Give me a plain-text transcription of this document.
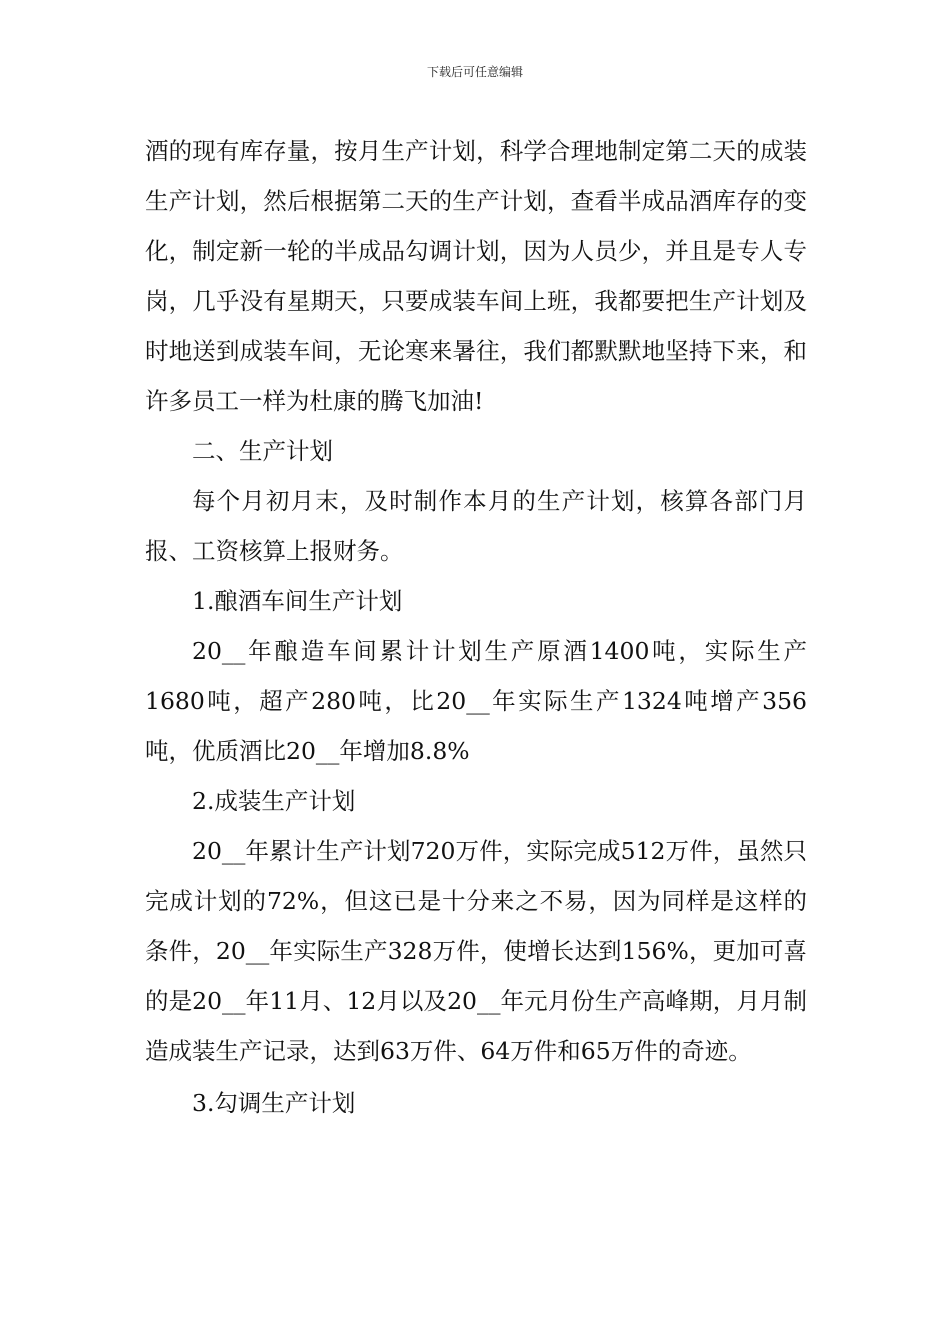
下载后可任意编辑

酒的现有库存量，按月生产计划，科学合理地制定第二天的成装生产计划，然后根据第二天的生产计划，查看半成品酒库存的变化，制定新一轮的半成品勾调计划，因为人员少，并且是专人专岗，几乎没有星期天，只要成装车间上班，我都要把生产计划及时地送到成装车间，无论寒来暑往，我们都默默地坚持下来，和许多员工一样为杜康的腾飞加油!

二、生产计划

每个月初月末，及时制作本月的生产计划，核算各部门月报、工资核算上报财务。

1.酿酒车间生产计划

20__年酿造车间累计计划生产原酒1400吨，实际生产1680吨，超产280吨，比20__年实际生产1324吨增产356吨，优质酒比20__年增加8.8%

2.成装生产计划

20__年累计生产计划720万件，实际完成512万件，虽然只完成计划的72%，但这已是十分来之不易，因为同样是这样的条件，20__年实际生产328万件，使增长达到156%，更加可喜的是20__年11月、12月以及20__年元月份生产高峰期，月月制造成装生产记录，达到63万件、64万件和65万件的奇迹。

3.勾调生产计划
